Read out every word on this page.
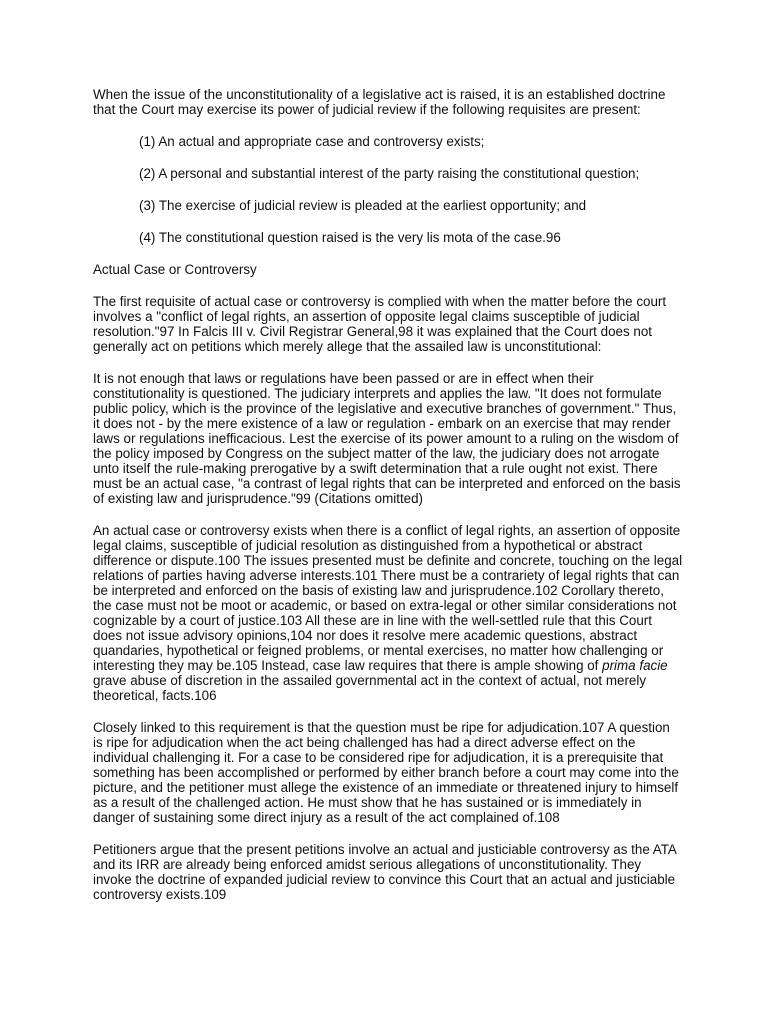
When the issue of the unconstitutionality of a legislative act is raised, it is an established doctrine that the Court may exercise its power of judicial review if the following requisites are present:

(1) An actual and appropriate case and controversy exists;

(2) A personal and substantial interest of the party raising the constitutional question;

(3) The exercise of judicial review is pleaded at the earliest opportunity; and

(4) The constitutional question raised is the very lis mota of the case.96

Actual Case or Controversy

The first requisite of actual case or controversy is complied with when the matter before the court involves a "conflict of legal rights, an assertion of opposite legal claims susceptible of judicial resolution."97 In Falcis III v. Civil Registrar General,98 it was explained that the Court does not generally act on petitions which merely allege that the assailed law is unconstitutional:

It is not enough that laws or regulations have been passed or are in effect when their constitutionality is questioned. The judiciary interprets and applies the law. "It does not formulate public policy, which is the province of the legislative and executive branches of government." Thus, it does not - by the mere existence of a law or regulation - embark on an exercise that may render laws or regulations inefficacious. Lest the exercise of its power amount to a ruling on the wisdom of the policy imposed by Congress on the subject matter of the law, the judiciary does not arrogate unto itself the rule-making prerogative by a swift determination that a rule ought not exist. There must be an actual case, "a contrast of legal rights that can be interpreted and enforced on the basis of existing law and jurisprudence."99 (Citations omitted)

An actual case or controversy exists when there is a conflict of legal rights, an assertion of opposite legal claims, susceptible of judicial resolution as distinguished from a hypothetical or abstract difference or dispute.100 The issues presented must be definite and concrete, touching on the legal relations of parties having adverse interests.101 There must be a contrariety of legal rights that can be interpreted and enforced on the basis of existing law and jurisprudence.102 Corollary thereto, the case must not be moot or academic, or based on extra-legal or other similar considerations not cognizable by a court of justice.103 All these are in line with the well-settled rule that this Court does not issue advisory opinions,104 nor does it resolve mere academic questions, abstract quandaries, hypothetical or feigned problems, or mental exercises, no matter how challenging or interesting they may be.105 Instead, case law requires that there is ample showing of prima facie grave abuse of discretion in the assailed governmental act in the context of actual, not merely theoretical, facts.106

Closely linked to this requirement is that the question must be ripe for adjudication.107 A question is ripe for adjudication when the act being challenged has had a direct adverse effect on the individual challenging it. For a case to be considered ripe for adjudication, it is a prerequisite that something has been accomplished or performed by either branch before a court may come into the picture, and the petitioner must allege the existence of an immediate or threatened injury to himself as a result of the challenged action. He must show that he has sustained or is immediately in danger of sustaining some direct injury as a result of the act complained of.108

Petitioners argue that the present petitions involve an actual and justiciable controversy as the ATA and its IRR are already being enforced amidst serious allegations of unconstitutionality. They invoke the doctrine of expanded judicial review to convince this Court that an actual and justiciable controversy exists.109
